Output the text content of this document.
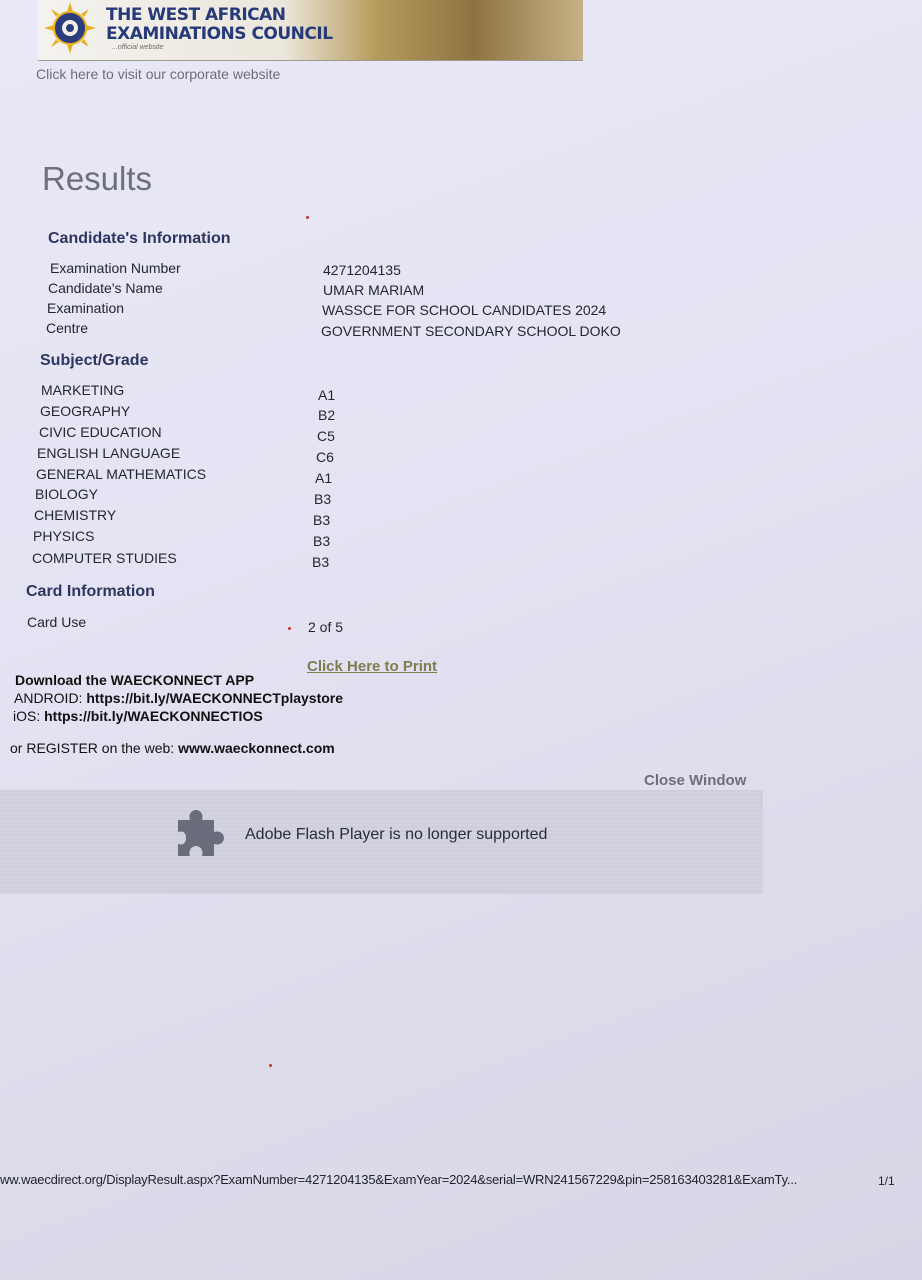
THE WEST AFRICAN
EXAMINATIONS COUNCIL
...official website
Click here to visit our corporate website
Results
Candidate's Information
Examination Number	4271204135
Candidate's Name	UMAR MARIAM
Examination	WASSCE FOR SCHOOL CANDIDATES 2024
Centre	GOVERNMENT SECONDARY SCHOOL DOKO
Subject/Grade
MARKETING	A1
GEOGRAPHY	B2
CIVIC EDUCATION	C5
ENGLISH LANGUAGE	C6
GENERAL MATHEMATICS	A1
BIOLOGY	B3
CHEMISTRY	B3
PHYSICS	B3
COMPUTER STUDIES	B3
Card Information
Card Use	2 of 5
Click Here to Print
Download the WAECKONNECT APP
ANDROID: https://bit.ly/WAECKONNECTplaystore
iOS: https://bit.ly/WAECKONNECTIOS
or REGISTER on the web: www.waeckonnect.com
Close Window
Adobe Flash Player is no longer supported
ww.waecdirect.org/DisplayResult.aspx?ExamNumber=4271204135&ExamYear=2024&serial=WRN241567229&pin=258163403281&ExamTy...	1/1
